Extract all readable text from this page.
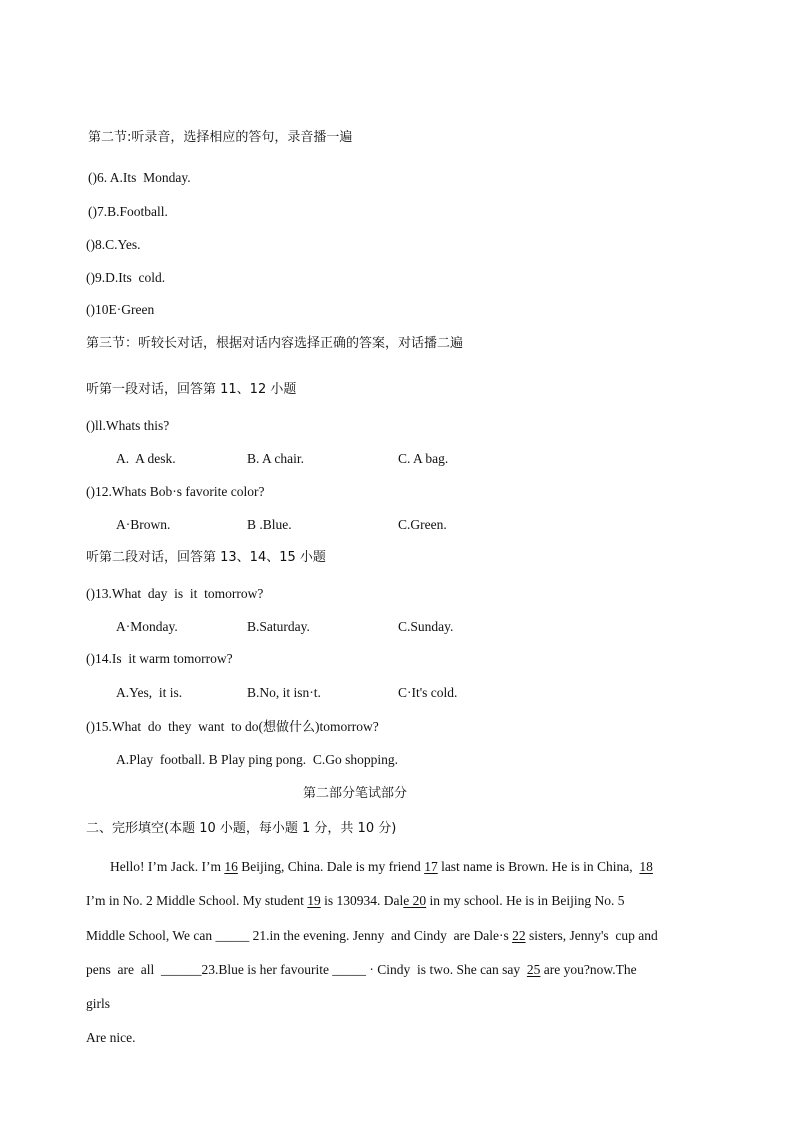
第二节:听录音，选择相应的答句，录音播一遍
()6. A.Its  Monday.
()7.B.Football.
()8.C.Yes.
()9.D.Its  cold.
()10E·Green
第三节：听较长对话，根据对话内容选择正确的答案，对话播二遍
听第一段对话，回答第 11、12 小题
()ll.Whats this?
A.  A desk.	B. A chair.	C. A bag.
()12.Whats Bob·s favorite color?
A·Brown.	B .Blue.	C.Green.
听第二段对话，回答第 13、14、15 小题
()13.What  day  is  it  tomorrow?
A·Monday.	B.Saturday.	C.Sunday.
()14.Is  it warm tomorrow?
A.Yes,  it is.	B.No, it isn·t.	C·It's cold.
()15.What  do  they  want  to do(想做什么)tomorrow?
A.Play  football. B Play ping pong.  C.Go shopping.
第二部分笔试部分
二、完形填空(本题 10 小题，每小题 1 分，共 10 分)
Hello! I’m Jack. I’m 16 Beijing, China. Dale is my friend 17 last name is Brown. He is in China,  18
I’m in No. 2 Middle School. My student 19 is 130934. Dale 20 in my school. He is in Beijing No. 5
Middle School, We can _____ 21.in the evening. Jenny  and Cindy  are Dale·s 22 sisters, Jenny's  cup and
pens  are  all  ______23.Blue is her favourite _____ · Cindy  is two. She can say  25 are you?now.The
girls
Are nice.
